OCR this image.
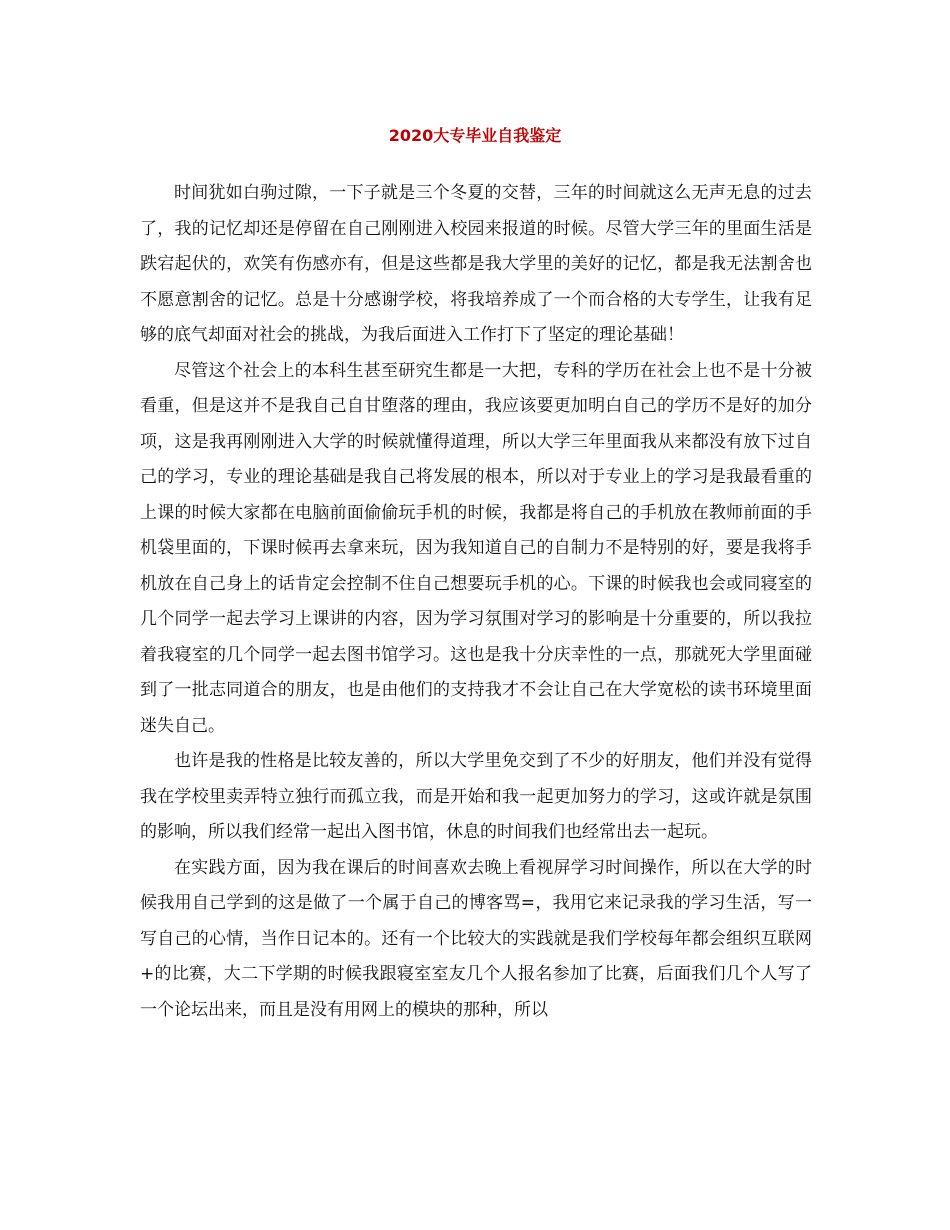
2020大专毕业自我鉴定

时间犹如白驹过隙，一下子就是三个冬夏的交替，三年的时间就这么无声无息的过去了，我的记忆却还是停留在自己刚刚进入校园来报道的时候。尽管大学三年的里面生活是跌宕起伏的，欢笑有伤感亦有，但是这些都是我大学里的美好的记忆，都是我无法割舍也不愿意割舍的记忆。总是十分感谢学校，将我培养成了一个而合格的大专学生，让我有足够的底气却面对社会的挑战，为我后面进入工作打下了坚定的理论基础！

尽管这个社会上的本科生甚至研究生都是一大把，专科的学历在社会上也不是十分被看重，但是这并不是我自己自甘堕落的理由，我应该要更加明白自己的学历不是好的加分项，这是我再刚刚进入大学的时候就懂得道理，所以大学三年里面我从来都没有放下过自己的学习，专业的理论基础是我自己将发展的根本，所以对于专业上的学习是我最看重的上课的时候大家都在电脑前面偷偷玩手机的时候，我都是将自己的手机放在教师前面的手机袋里面的，下课时候再去拿来玩，因为我知道自己的自制力不是特别的好，要是我将手机放在自己身上的话肯定会控制不住自己想要玩手机的心。下课的时候我也会或同寝室的几个同学一起去学习上课讲的内容，因为学习氛围对学习的影响是十分重要的，所以我拉着我寝室的几个同学一起去图书馆学习。这也是我十分庆幸性的一点，那就死大学里面碰到了一批志同道合的朋友，也是由他们的支持我才不会让自己在大学宽松的读书环境里面迷失自己。

也许是我的性格是比较友善的，所以大学里免交到了不少的好朋友，他们并没有觉得我在学校里卖弄特立独行而孤立我，而是开始和我一起更加努力的学习，这或许就是氛围的影响，所以我们经常一起出入图书馆，休息的时间我们也经常出去一起玩。

在实践方面，因为我在课后的时间喜欢去晚上看视屏学习时间操作，所以在大学的时候我用自己学到的这是做了一个属于自己的博客骂=，我用它来记录我的学习生活，写一写自己的心情，当作日记本的。还有一个比较大的实践就是我们学校每年都会组织互联网+的比赛，大二下学期的时候我跟寝室室友几个人报名参加了比赛，后面我们几个人写了一个论坛出来，而且是没有用网上的模块的那种，所以
